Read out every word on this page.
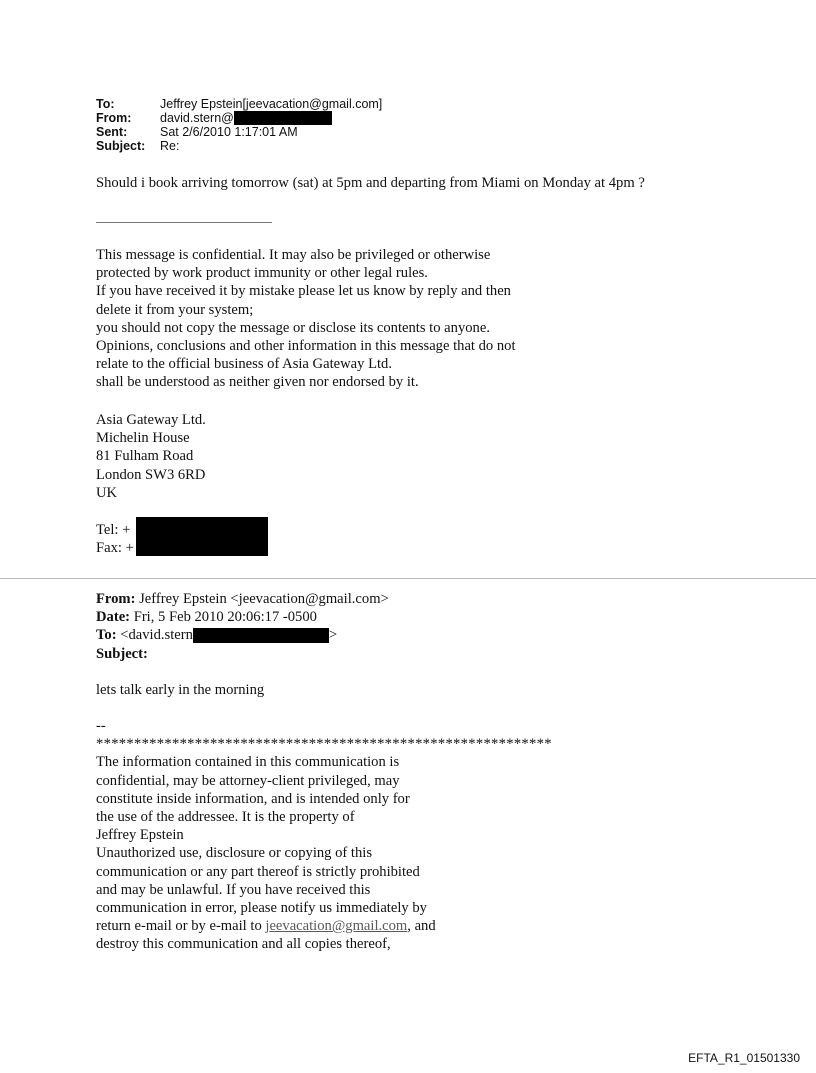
To:	Jeffrey Epstein[jeevacation@gmail.com]
From:	david.stern@
Sent:	Sat 2/6/2010 1:17:01 AM
Subject:	Re:
Should i book arriving tomorrow (sat) at 5pm and departing from Miami on Monday at 4pm ?
This message is confidential. It may also be privileged or otherwise
protected by work product immunity or other legal rules.
If you have received it by mistake please let us know by reply and then
delete it from your system;
you should not copy the message or disclose its contents to anyone.
Opinions, conclusions and other information in this message that do not
relate to the official business of Asia Gateway Ltd.
shall be understood as neither given nor endorsed by it.
Asia Gateway Ltd.
Michelin House
81 Fulham Road
London SW3 6RD
UK
Tel: +
Fax: +
From: Jeffrey Epstein <jeevacation@gmail.com>
Date: Fri, 5 Feb 2010 20:06:17 -0500
To: <david.stern	>
Subject:
lets talk early in the morning
--
************************************************************
The information contained in this communication is
confidential, may be attorney-client privileged, may
constitute inside information, and is intended only for
the use of the addressee. It is the property of
Jeffrey Epstein
Unauthorized use, disclosure or copying of this
communication or any part thereof is strictly prohibited
and may be unlawful. If you have received this
communication in error, please notify us immediately by
return e-mail or by e-mail to jeevacation@gmail.com, and
destroy this communication and all copies thereof,
EFTA_R1_01501330
